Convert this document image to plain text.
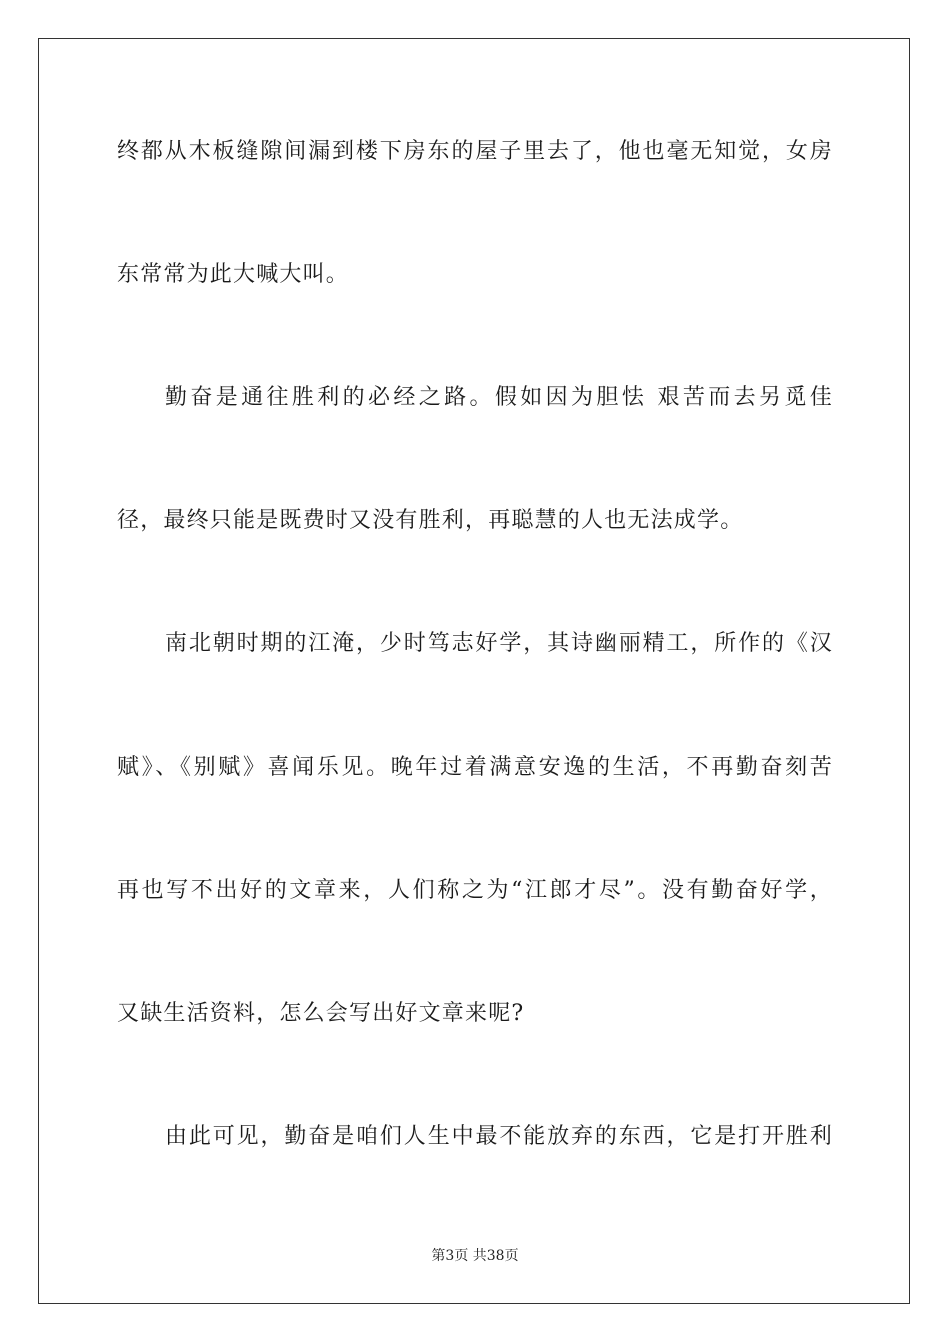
终都从木板缝隙间漏到楼下房东的屋子里去了，他也毫无知觉，女房
东常常为此大喊大叫。
勤奋是通往胜利的必经之路。假如因为胆怯 艰苦而去另觅佳
径，最终只能是既费时又没有胜利，再聪慧的人也无法成学。
南北朝时期的江淹，少时笃志好学，其诗幽丽精工，所作的《汉
赋》、《别赋》喜闻乐见。晚年过着满意安逸的生活，不再勤奋刻苦
再也写不出好的文章来，人们称之为“江郎才尽”。没有勤奋好学，
又缺生活资料，怎么会写出好文章来呢?
由此可见，勤奋是咱们人生中最不能放弃的东西，它是打开胜利
第3页 共38页
